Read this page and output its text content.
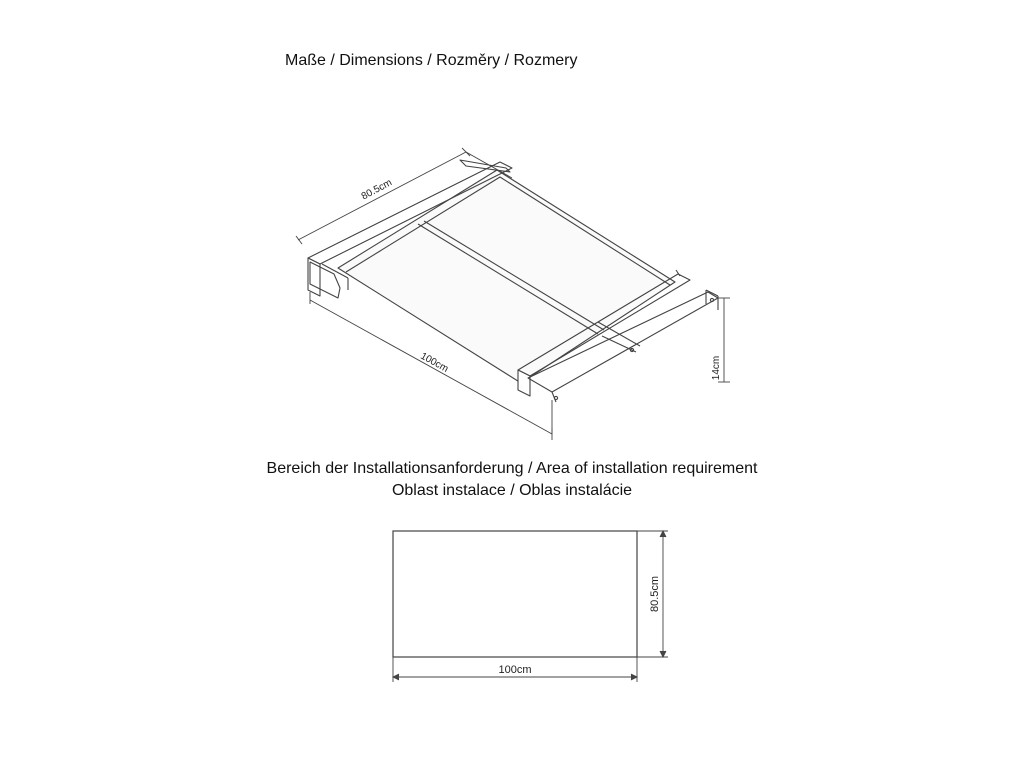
Maße / Dimensions / Rozměry / Rozmery
80.5cm
100cm	14cm
80.5cm
100cm
Bereich der Installationsanforderung / Area of installation requirement
Oblast instalace / Oblas instalácie
